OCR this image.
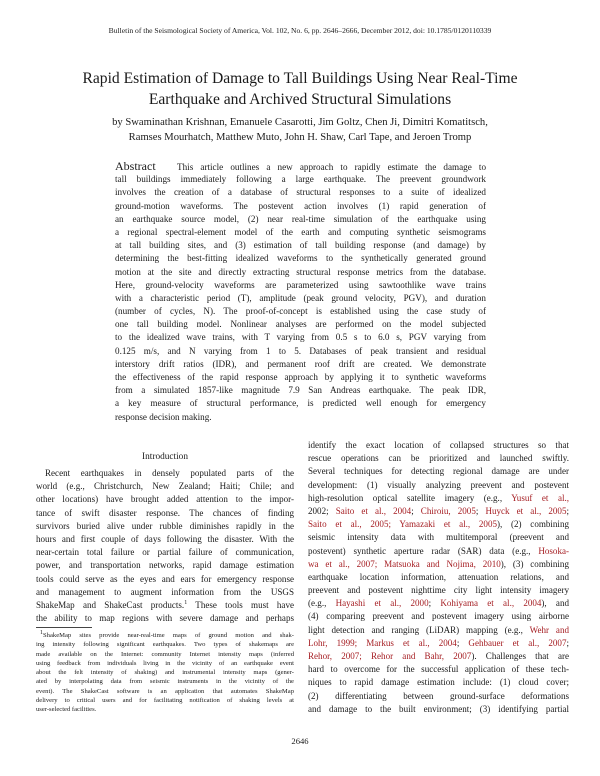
Bulletin of the Seismological Society of America, Vol. 102, No. 6, pp. 2646–2666, December 2012, doi: 10.1785/0120110339
Rapid Estimation of Damage to Tall Buildings Using Near Real-Time
Earthquake and Archived Structural Simulations
by Swaminathan Krishnan, Emanuele Casarotti, Jim Goltz, Chen Ji, Dimitri Komatitsch,
Ramses Mourhatch, Matthew Muto, John H. Shaw, Carl Tape, and Jeroen Tromp
Abstract This article outlines a new approach to rapidly estimate the damage to
tall buildings immediately following a large earthquake. The preevent groundwork
involves the creation of a database of structural responses to a suite of idealized
ground-motion waveforms. The postevent action involves (1) rapid generation of
an earthquake source model, (2) near real-time simulation of the earthquake using
a regional spectral-element model of the earth and computing synthetic seismograms
at tall building sites, and (3) estimation of tall building response (and damage) by
determining the best-fitting idealized waveforms to the synthetically generated ground
motion at the site and directly extracting structural response metrics from the database.
Here, ground-velocity waveforms are parameterized using sawtoothlike wave trains
with a characteristic period (T), amplitude (peak ground velocity, PGV), and duration
(number of cycles, N). The proof-of-concept is established using the case study of
one tall building model. Nonlinear analyses are performed on the model subjected
to the idealized wave trains, with T varying from 0.5 s to 6.0 s, PGV varying from
0.125 m/s, and N varying from 1 to 5. Databases of peak transient and residual
interstory drift ratios (IDR), and permanent roof drift are created. We demonstrate
the effectiveness of the rapid response approach by applying it to synthetic waveforms
from a simulated 1857-like magnitude 7.9 San Andreas earthquake. The peak IDR,
a key measure of structural performance, is predicted well enough for emergency
response decision making.
Introduction
Recent earthquakes in densely populated parts of the
world (e.g., Christchurch, New Zealand; Haiti; Chile; and
other locations) have brought added attention to the impor-
tance of swift disaster response. The chances of finding
survivors buried alive under rubble diminishes rapidly in the
hours and first couple of days following the disaster. With the
near-certain total failure or partial failure of communication,
power, and transportation networks, rapid damage estimation
tools could serve as the eyes and ears for emergency response
and management to augment information from the USGS
ShakeMap and ShakeCast products.$^1$ These tools must have
the ability to map regions with severe damage and perhaps
identify the exact location of collapsed structures so that
rescue operations can be prioritized and launched swiftly.
Several techniques for detecting regional damage are under
development: (1) visually analyzing preevent and postevent
high-resolution optical satellite imagery (e.g., Yusuf et al.,
2002; Saito et al., 2004; Chiroiu, 2005; Huyck et al., 2005;
Saito et al., 2005; Yamazaki et al., 2005), (2) combining
seismic intensity data with multitemporal (preevent and
postevent) synthetic aperture radar (SAR) data (e.g., Hosoka-
wa et al., 2007; Matsuoka and Nojima, 2010), (3) combining
earthquake location information, attenuation relations, and
preevent and postevent nighttime city light intensity imagery
(e.g., Hayashi et al., 2000; Kohiyama et al., 2004), and
(4) comparing preevent and postevent imagery using airborne
light detection and ranging (LiDAR) mapping (e.g., Wehr and
Lohr, 1999; Markus et al., 2004; Gehbauer et al., 2007;
Rehor, 2007; Rehor and Bahr, 2007). Challenges that are
hard to overcome for the successful application of these tech-
niques to rapid damage estimation include: (1) cloud cover;
(2) differentiating between ground-surface deformations
and damage to the built environment; (3) identifying partial
1ShakeMap sites provide near-real-time maps of ground motion and shak-
ing intensity following significant earthquakes. Two types of shakemaps are
made available on the Internet: community Internet intensity maps (inferred
using feedback from individuals living in the vicinity of an earthquake event
about the felt intensity of shaking) and instrumental intensity maps (gener-
ated by interpolating data from seismic instruments in the vicinity of the
event). The ShakeCast software is an application that automates ShakeMap
delivery to critical users and for facilitating notification of shaking levels at
user-selected facilities.
2646
